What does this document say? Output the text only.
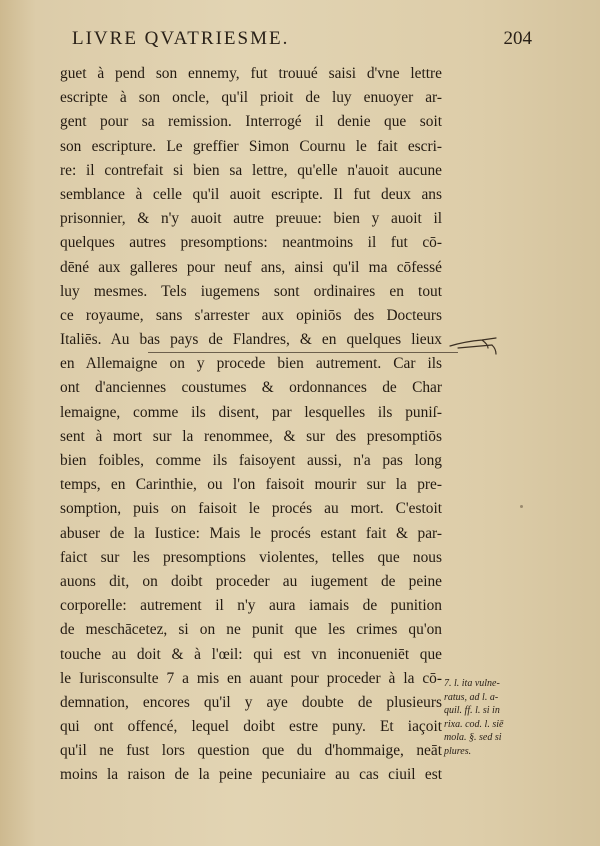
LIVRE QVATRIESME.	204
guet à pend son ennemy, fut trouué saisi d'vne lettre
escripte à son oncle, qu'il prioit de luy enuoyer ar-
gent pour sa remission. Interrogé il denie que soit
son escripture. Le greffier Simon Cournu le fait escri-
re: il contrefait si bien sa lettre, qu'elle n'auoit aucune
semblance à celle qu'il auoit escripte. Il fut deux ans
prisonnier, & n'y auoit autre preuue: bien y auoit il
quelques autres presomptions: neantmoins il fut cō-
dēné aux galleres pour neuf ans, ainsi qu'il ma cōfessé
luy mesmes. Tels iugemens sont ordinaires en tout
ce royaume, sans s'arrester aux opiniōs des Docteurs
Italiēs. Au bas pays de Flandres, & en quelques lieux
en Allemaigne on y procede bien autrement. Car ils
ont d'anciennes coustumes & ordonnances de Char
lemaigne, comme ils disent, par lesquelles ils puniſ-
sent à mort sur la renommee, & sur des presomptiōs
bien foibles, comme ils faisoyent aussi, n'a pas long
temps, en Carinthie, ou l'on faisoit mourir sur la pre-
somption, puis on faisoit le procés au mort. C'estoit
abuser de la Iustice: Mais le procés estant fait & par-
faict sur les presomptions violentes, telles que nous
auons dit, on doibt proceder au iugement de peine
corporelle: autrement il n'y aura iamais de punition
de meschācetez, si on ne punit que les crimes qu'on
touche au doit & à l'œil: qui est vn inconueniēt que
le Iurisconsulte 7 a mis en auant pour proceder à la cō-
demnation, encores qu'il y aye doubte de plusieurs
qui ont offencé, lequel doibt estre puny. Et iaçoit
qu'il ne fust lors question que du d'hommaige, neāt
moins la raison de la peine pecuniaire au cas ciuil est
7. l. ita vulne-
ratus, ad l. a-
quil. ff. l. si in
rixa. cod. l. siē
mola. §. sed si
plures.
